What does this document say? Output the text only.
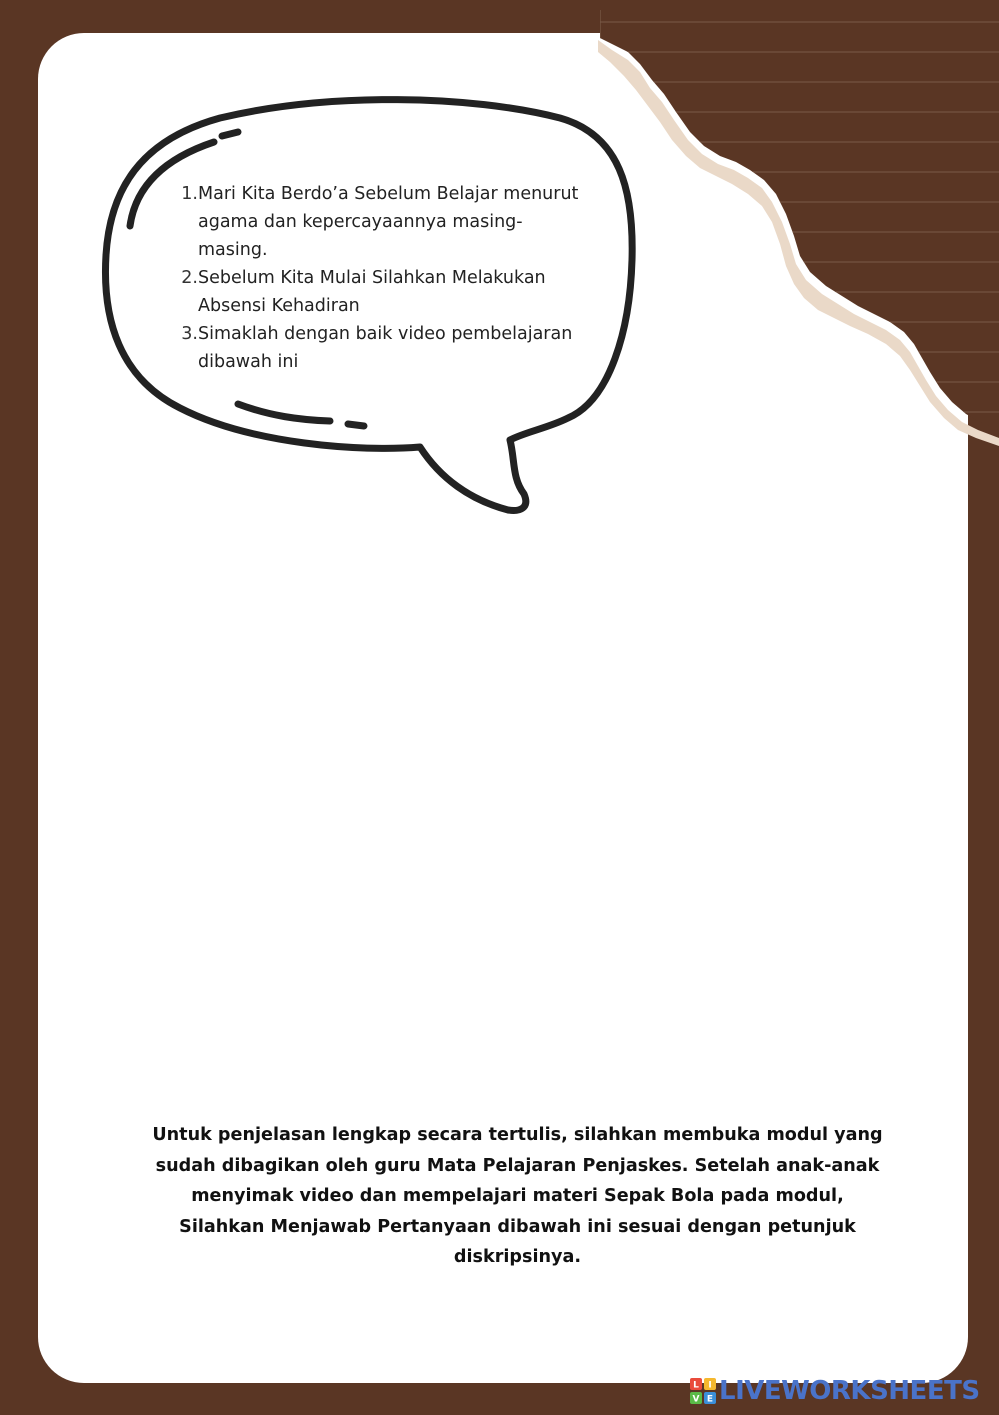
1. Mari Kita Berdo’a Sebelum Belajar menurut agama dan kepercayaannya masing-masing.
2. Sebelum Kita Mulai Silahkan Melakukan Absensi Kehadiran
3. Simaklah dengan baik video pembelajaran dibawah ini
Untuk penjelasan lengkap secara tertulis, silahkan membuka modul yang sudah dibagikan oleh guru Mata Pelajaran Penjaskes. Setelah anak-anak menyimak video dan mempelajari materi Sepak Bola pada modul, Silahkan Menjawab Pertanyaan dibawah ini sesuai dengan petunjuk diskripsinya.
L I
V E LIVEWORKSHEETS
